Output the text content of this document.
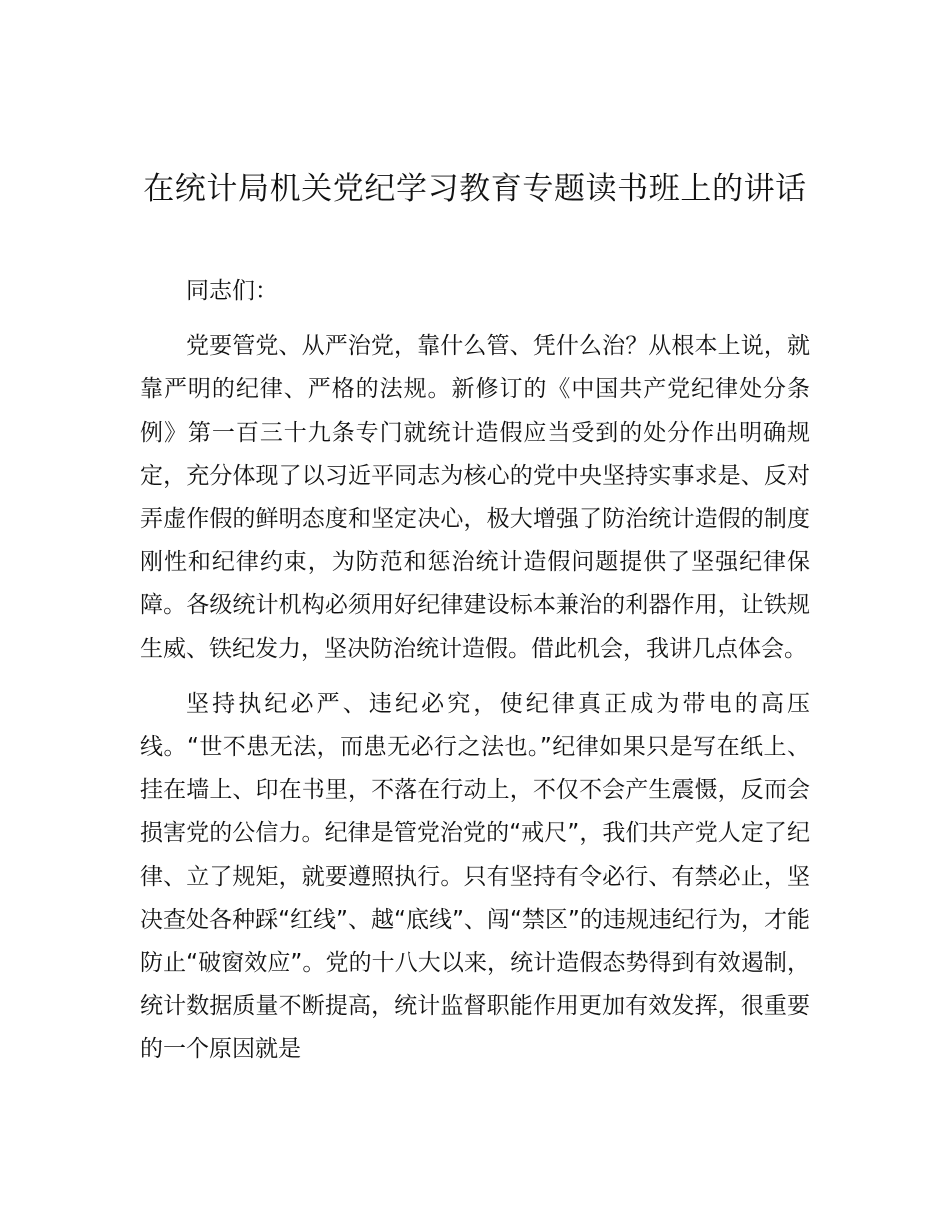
在统计局机关党纪学习教育专题读书班上的讲话

同志们：

党要管党、从严治党，靠什么管、凭什么治？从根本上说，就靠严明的纪律、严格的法规。新修订的《中国共产党纪律处分条例》第一百三十九条专门就统计造假应当受到的处分作出明确规定，充分体现了以习近平同志为核心的党中央坚持实事求是、反对弄虚作假的鲜明态度和坚定决心，极大增强了防治统计造假的制度刚性和纪律约束，为防范和惩治统计造假问题提供了坚强纪律保障。各级统计机构必须用好纪律建设标本兼治的利器作用，让铁规生威、铁纪发力，坚决防治统计造假。借此机会，我讲几点体会。

坚持执纪必严、违纪必究，使纪律真正成为带电的高压线。“世不患无法，而患无必行之法也。”纪律如果只是写在纸上、挂在墙上、印在书里，不落在行动上，不仅不会产生震慑，反而会损害党的公信力。纪律是管党治党的“戒尺”，我们共产党人定了纪律、立了规矩，就要遵照执行。只有坚持有令必行、有禁必止，坚决查处各种踩“红线”、越“底线”、闯“禁区”的违规违纪行为，才能防止“破窗效应”。党的十八大以来，统计造假态势得到有效遏制，统计数据质量不断提高，统计监督职能作用更加有效发挥，很重要的一个原因就是
